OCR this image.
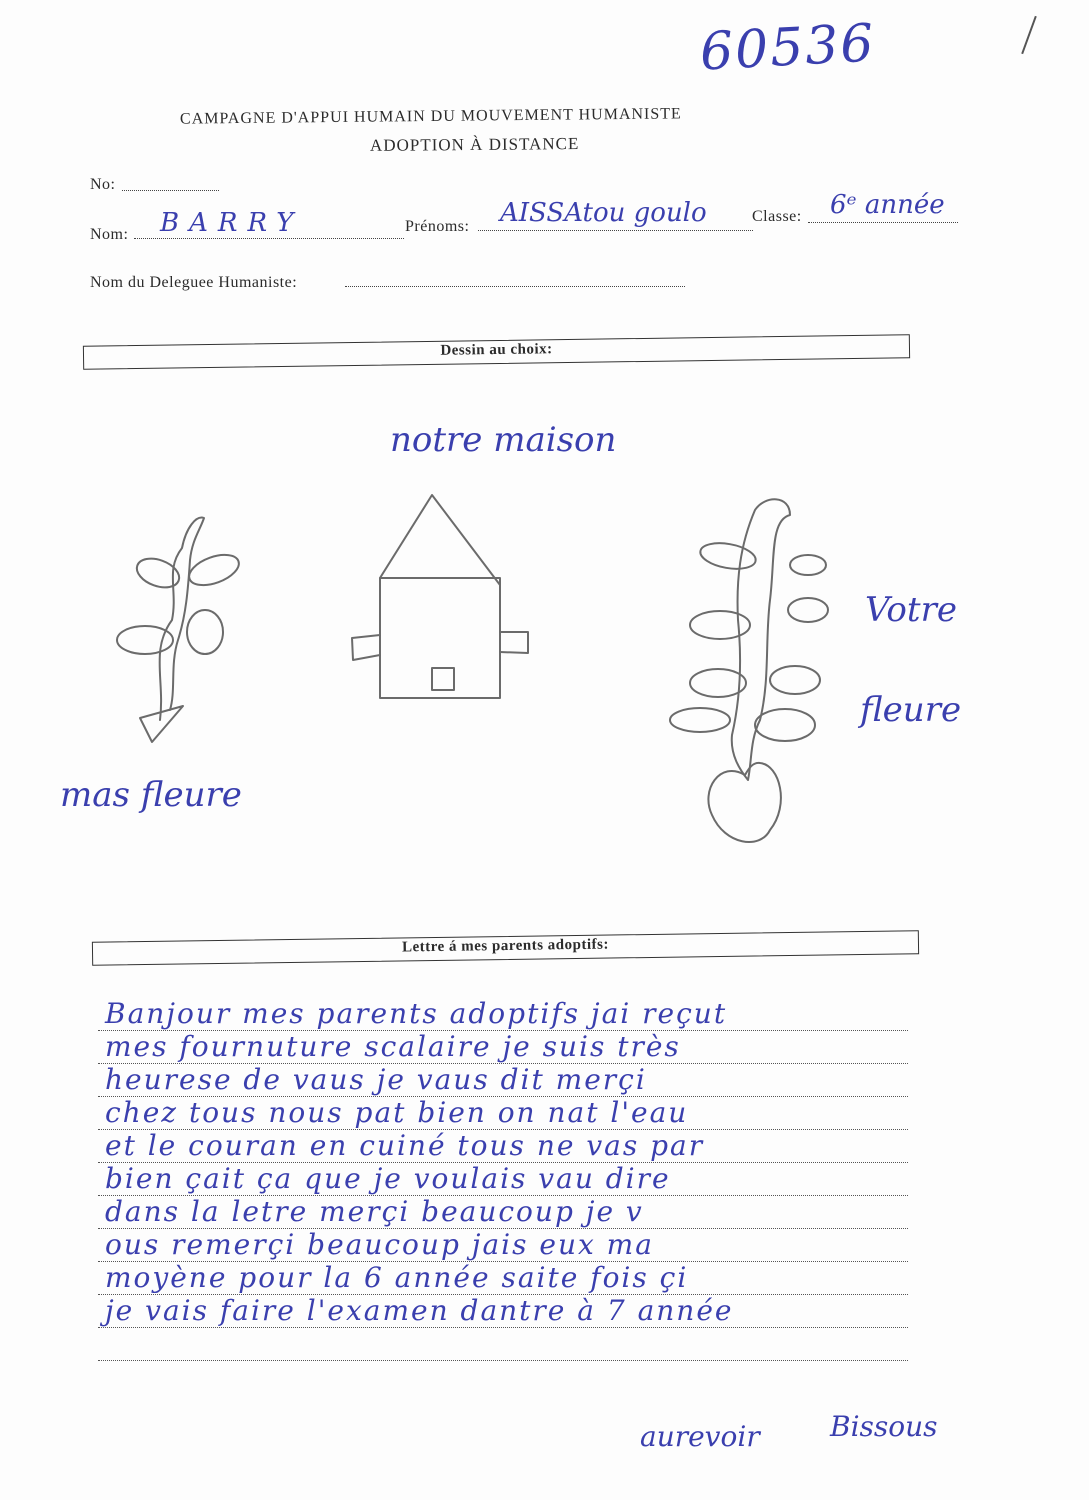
60536
CAMPAGNE D'APPUI HUMAIN DU MOUVEMENT HUMANISTE
ADOPTION À DISTANCE
No:
Nom: BARRY	Prénoms: AISSAtou goulo	Classe: 6ᵉ année
Nom du Deleguee Humaniste:
Dessin au choix:
notre maison
mas fleure
Votre
fleure
Lettre á mes parents adoptifs:
Banjour mes parents adoptifs jai reçut
mes fournuture scalaire je suis très
heurese de vaus je vaus dit merçi
chez tous nous pat bien on nat l'eau
et le couran en cuiné tous ne vas par
bien çait ça que je voulais vau dire
dans la letre merçi beaucoup je v
ous remerçi beaucoup jais eux ma
moyène pour la 6 année saite fois çi
je vais faire l'examen dantre à 7 année
aurevoir	Bissous
